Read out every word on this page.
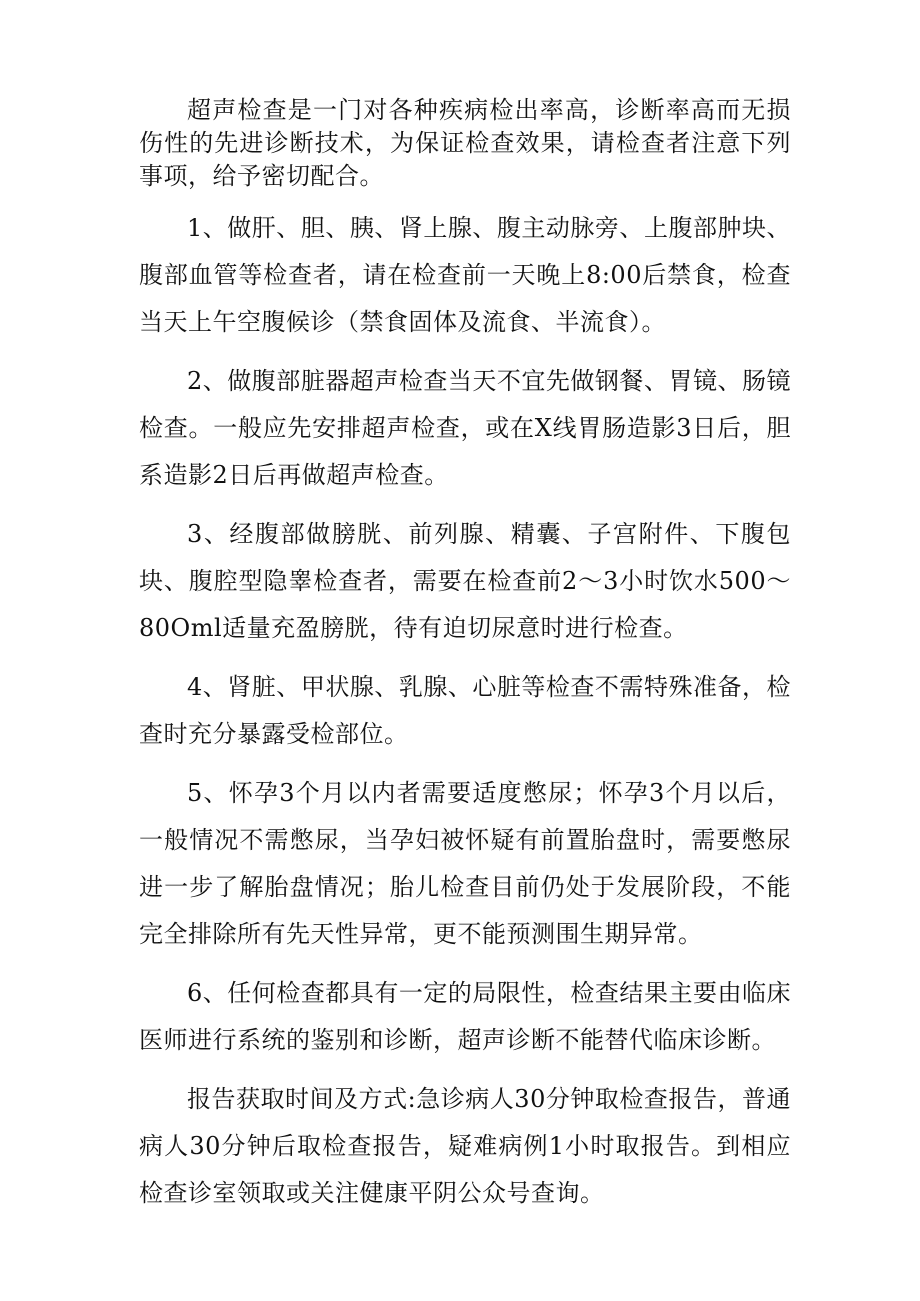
超声检查是一门对各种疾病检出率高，诊断率高而无损伤性的先进诊断技术，为保证检查效果，请检查者注意下列事项，给予密切配合。

1、做肝、胆、胰、肾上腺、腹主动脉旁、上腹部肿块、腹部血管等检查者，请在检查前一天晚上8:00后禁食，检查当天上午空腹候诊（禁食固体及流食、半流食）。

2、做腹部脏器超声检查当天不宜先做钢餐、胃镜、肠镜检查。一般应先安排超声检查，或在X线胃肠造影3日后，胆系造影2日后再做超声检查。

3、经腹部做膀胱、前列腺、精囊、子宫附件、下腹包块、腹腔型隐睾检查者，需要在检查前2～3小时饮水500～80Oml适量充盈膀胱，待有迫切尿意时进行检查。

4、肾脏、甲状腺、乳腺、心脏等检查不需特殊准备，检查时充分暴露受检部位。

5、怀孕3个月以内者需要适度憋尿；怀孕3个月以后，一般情况不需憋尿，当孕妇被怀疑有前置胎盘时，需要憋尿进一步了解胎盘情况；胎儿检查目前仍处于发展阶段，不能完全排除所有先天性异常，更不能预测围生期异常。

6、任何检查都具有一定的局限性，检查结果主要由临床医师进行系统的鉴别和诊断，超声诊断不能替代临床诊断。

报告获取时间及方式:急诊病人30分钟取检查报告，普通病人30分钟后取检查报告，疑难病例1小时取报告。到相应检查诊室领取或关注健康平阴公众号查询。
